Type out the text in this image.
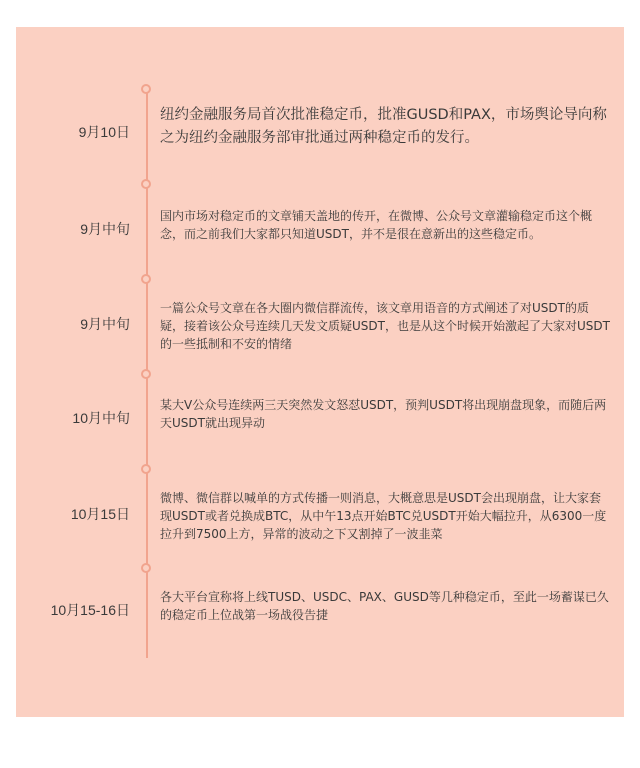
9月10日
纽约金融服务局首次批准稳定币，批准GUSD和PAX，市场舆论导向称之为纽约金融服务部审批通过两种稳定币的发行。
9月中旬
国内市场对稳定币的文章铺天盖地的传开，在微博、公众号文章灌输稳定币这个概念，而之前我们大家都只知道USDT，并不是很在意新出的这些稳定币。
9月中旬
一篇公众号文章在各大圈内微信群流传，该文章用语音的方式阐述了对USDT的质疑，接着该公众号连续几天发文质疑USDT，也是从这个时候开始激起了大家对USDT的一些抵制和不安的情绪
10月中旬
某大V公众号连续两三天突然发文怒怼USDT，预判USDT将出现崩盘现象，而随后两天USDT就出现异动
10月15日
微博、微信群以喊单的方式传播一则消息，大概意思是USDT会出现崩盘，让大家套现USDT或者兑换成BTC，从中午13点开始BTC兑USDT开始大幅拉升，从6300一度拉升到7500上方，异常的波动之下又割掉了一波韭菜
10月15-16日
各大平台宣称将上线TUSD、USDC、PAX、GUSD等几种稳定币，至此一场蓄谋已久的稳定币上位战第一场战役告捷
